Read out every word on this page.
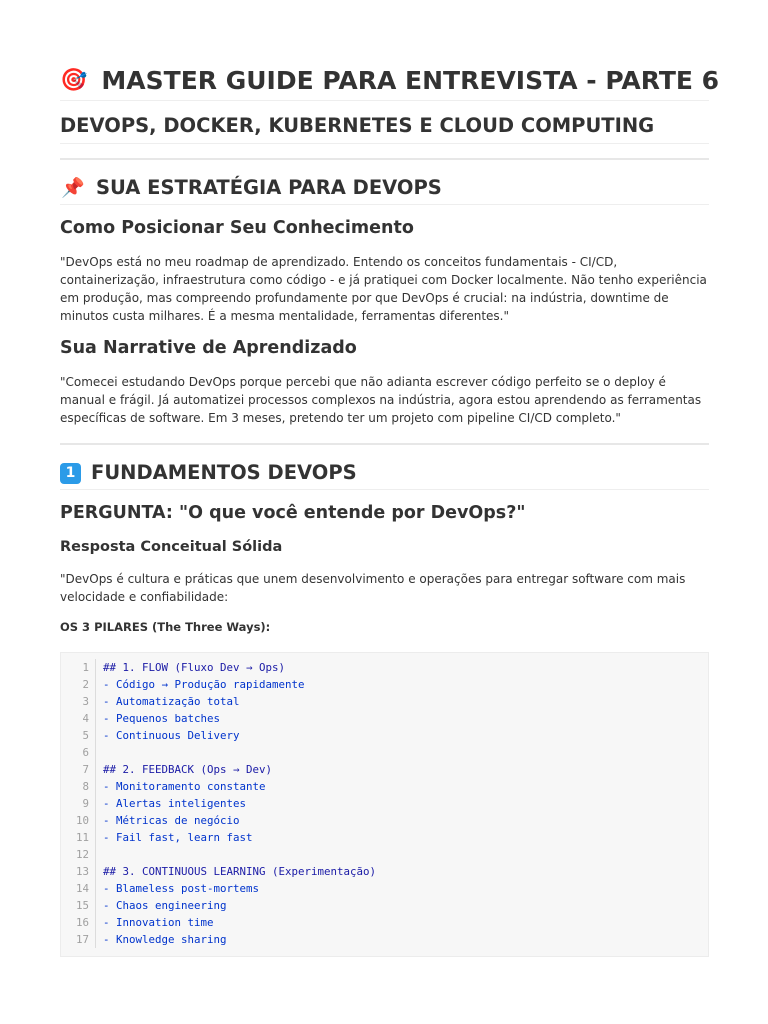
🎯 MASTER GUIDE PARA ENTREVISTA - PARTE 6
DEVOPS, DOCKER, KUBERNETES E CLOUD COMPUTING
📌 SUA ESTRATÉGIA PARA DEVOPS
Como Posicionar Seu Conhecimento

"DevOps está no meu roadmap de aprendizado. Entendo os conceitos fundamentais - CI/CD, containerização, infraestrutura como código - e já pratiquei com Docker localmente. Não tenho experiência em produção, mas compreendo profundamente por que DevOps é crucial: na indústria, downtime de minutos custa milhares. É a mesma mentalidade, ferramentas diferentes."

Sua Narrative de Aprendizado

"Comecei estudando DevOps porque percebi que não adianta escrever código perfeito se o deploy é manual e frágil. Já automatizei processos complexos na indústria, agora estou aprendendo as ferramentas específicas de software. Em 3 meses, pretendo ter um projeto com pipeline CI/CD completo."

1 FUNDAMENTOS DEVOPS
PERGUNTA: "O que você entende por DevOps?"
Resposta Conceitual Sólida

"DevOps é cultura e práticas que unem desenvolvimento e operações para entregar software com mais velocidade e confiabilidade:

OS 3 PILARES (The Three Ways):

1	## 1. FLOW (Fluxo Dev → Ops)
2	- Código → Produção rapidamente
3	- Automatização total
4	- Pequenos batches
5	- Continuous Delivery
6
7	## 2. FEEDBACK (Ops → Dev)
8	- Monitoramento constante
9	- Alertas inteligentes
10	- Métricas de negócio
11	- Fail fast, learn fast
12
13	## 3. CONTINUOUS LEARNING (Experimentação)
14	- Blameless post-mortems
15	- Chaos engineering
16	- Innovation time
17	- Knowledge sharing
